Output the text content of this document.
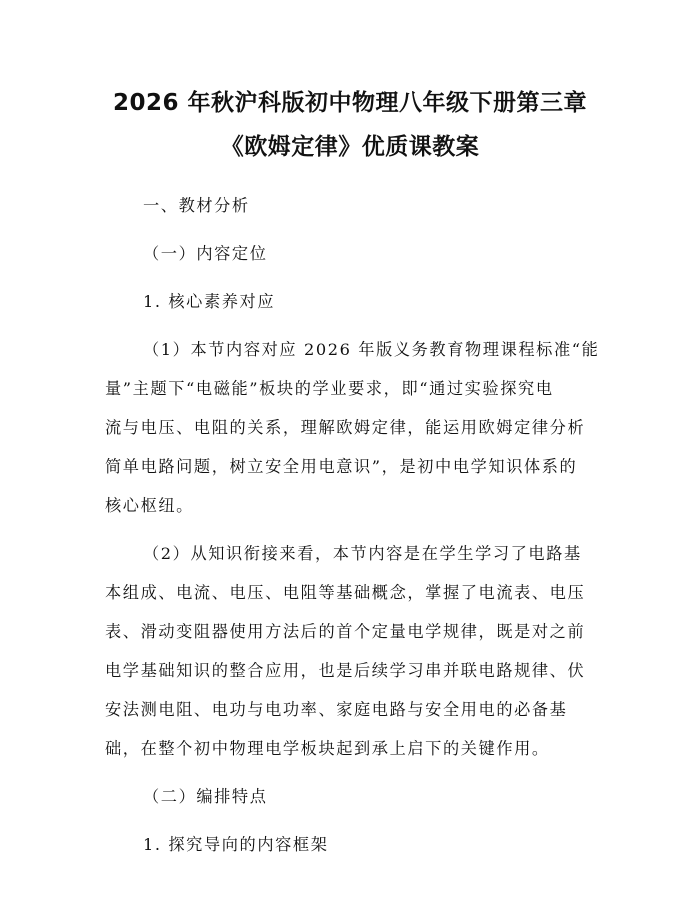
2026 年秋沪科版初中物理八年级下册第三章
《欧姆定律》优质课教案
一、教材分析
（一）内容定位
1. 核心素养对应
（1）本节内容对应 2026 年版义务教育物理课程标准“能
量”主题下“电磁能”板块的学业要求，即“通过实验探究电
流与电压、电阻的关系，理解欧姆定律，能运用欧姆定律分析
简单电路问题，树立安全用电意识”，是初中电学知识体系的
核心枢纽。
（2）从知识衔接来看，本节内容是在学生学习了电路基
本组成、电流、电压、电阻等基础概念，掌握了电流表、电压
表、滑动变阻器使用方法后的首个定量电学规律，既是对之前
电学基础知识的整合应用，也是后续学习串并联电路规律、伏
安法测电阻、电功与电功率、家庭电路与安全用电的必备基
础，在整个初中物理电学板块起到承上启下的关键作用。
（二）编排特点
1. 探究导向的内容框架
